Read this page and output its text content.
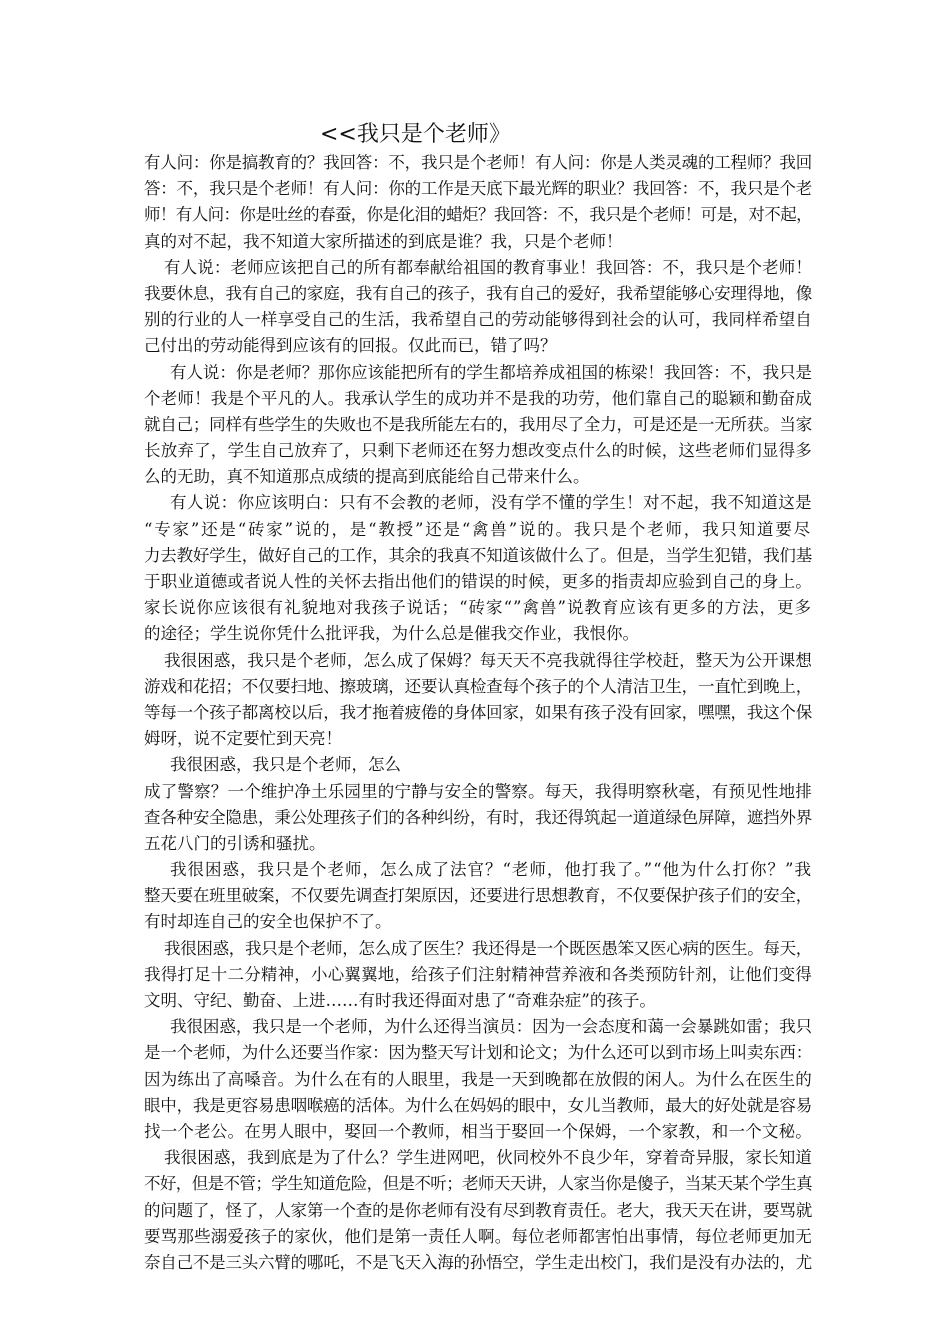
<<我只是个老师》
有人问：你是搞教育的？我回答：不，我只是个老师！有人问：你是人类灵魂的工程师？我回
答：不，我只是个老师！有人问：你的工作是天底下最光辉的职业？我回答：不，我只是个老
师！有人问：你是吐丝的春蚕，你是化泪的蜡炬？我回答：不，我只是个老师！可是，对不起，
真的对不起，我不知道大家所描述的到底是谁？我，只是个老师！
有人说：老师应该把自己的所有都奉献给祖国的教育事业！我回答：不，我只是个老师！
我要休息，我有自己的家庭，我有自己的孩子，我有自己的爱好，我希望能够心安理得地，像
别的行业的人一样享受自己的生活，我希望自己的劳动能够得到社会的认可，我同样希望自
己付出的劳动能得到应该有的回报。仅此而已，错了吗？
有人说：你是老师？那你应该能把所有的学生都培养成祖国的栋梁！我回答：不，我只是
个老师！我是个平凡的人。我承认学生的成功并不是我的功劳，他们靠自己的聪颖和勤奋成
就自己；同样有些学生的失败也不是我所能左右的，我用尽了全力，可是还是一无所获。当家
长放弃了，学生自己放弃了，只剩下老师还在努力想改变点什么的时候，这些老师们显得多
么的无助，真不知道那点成绩的提高到底能给自己带来什么。
有人说：你应该明白：只有不会教的老师，没有学不懂的学生！对不起，我不知道这是
“专家”还是“砖家”说的，是“教授”还是“禽兽”说的。我只是个老师，我只知道要尽
力去教好学生，做好自己的工作，其余的我真不知道该做什么了。但是，当学生犯错，我们基
于职业道德或者说人性的关怀去指出他们的错误的时候，更多的指责却应验到自己的身上。
家长说你应该很有礼貌地对我孩子说话；“砖家“”禽兽”说教育应该有更多的方法，更多
的途径；学生说你凭什么批评我，为什么总是催我交作业，我恨你。
我很困惑，我只是个老师，怎么成了保姆？每天天不亮我就得往学校赶，整天为公开课想
游戏和花招；不仅要扫地、擦玻璃，还要认真检查每个孩子的个人清洁卫生，一直忙到晚上，
等每一个孩子都离校以后，我才拖着疲倦的身体回家，如果有孩子没有回家，嘿嘿，我这个保
姆呀，说不定要忙到天亮！
我很困惑，我只是个老师，怎么
成了警察？一个维护净土乐园里的宁静与安全的警察。每天，我得明察秋毫，有预见性地排
查各种安全隐患，秉公处理孩子们的各种纠纷，有时，我还得筑起一道道绿色屏障，遮挡外界
五花八门的引诱和骚扰。
我很困惑，我只是个老师，怎么成了法官？“老师，他打我了。”“他为什么打你？”我
整天要在班里破案，不仅要先调查打架原因，还要进行思想教育，不仅要保护孩子们的安全，
有时却连自己的安全也保护不了。
我很困惑，我只是个老师，怎么成了医生？我还得是一个既医愚笨又医心病的医生。每天，
我得打足十二分精神，小心翼翼地，给孩子们注射精神营养液和各类预防针剂，让他们变得
文明、守纪、勤奋、上进……有时我还得面对患了“奇难杂症”的孩子。
我很困惑，我只是一个老师，为什么还得当演员：因为一会态度和蔼一会暴跳如雷；我只
是一个老师，为什么还要当作家：因为整天写计划和论文；为什么还可以到市场上叫卖东西：
因为练出了高嗓音。为什么在有的人眼里，我是一天到晚都在放假的闲人。为什么在医生的
眼中，我是更容易患咽喉癌的活体。为什么在妈妈的眼中，女儿当教师，最大的好处就是容易
找一个老公。在男人眼中，娶回一个教师，相当于娶回一个保姆，一个家教，和一个文秘。
我很困惑，我到底是为了什么？学生进网吧，伙同校外不良少年，穿着奇异服，家长知道
不好，但是不管；学生知道危险，但是不听；老师天天讲，人家当你是傻子，当某天某个学生真
的问题了，怪了，人家第一个查的是你老师有没有尽到教育责任。老大，我天天在讲，要骂就
要骂那些溺爱孩子的家伙，他们是第一责任人啊。每位老师都害怕出事情，每位老师更加无
奈自己不是三头六臂的哪吒，不是飞天入海的孙悟空，学生走出校门，我们是没有办法的，尤
